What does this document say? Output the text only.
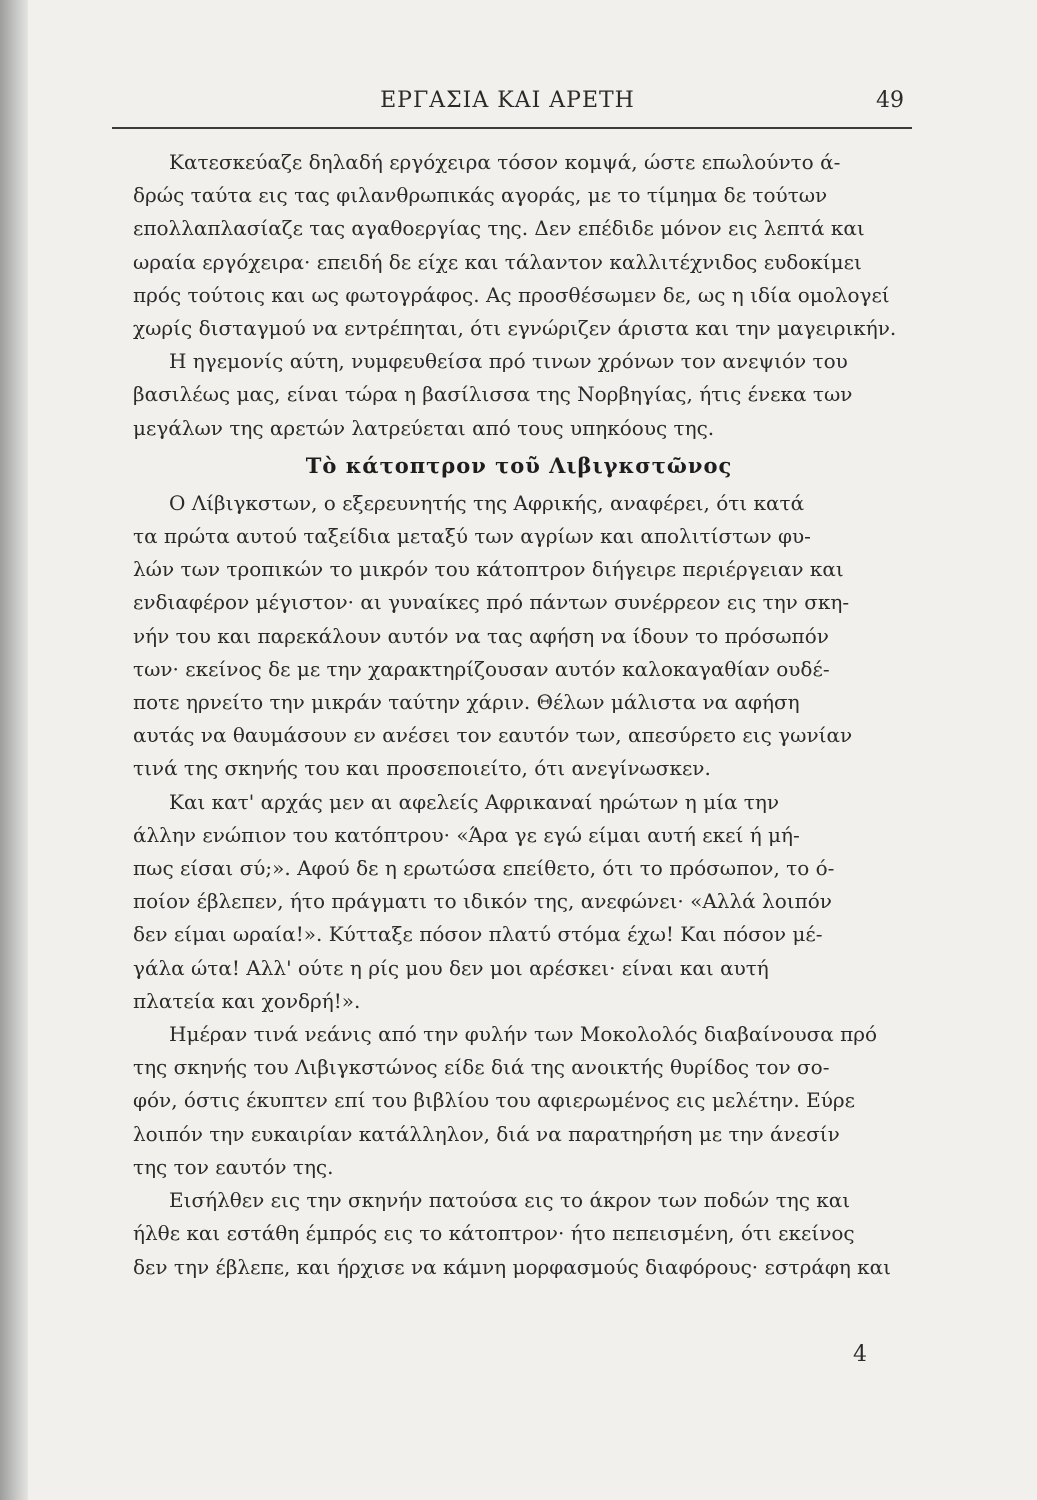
ΕΡΓΑΣΙΑ ΚΑΙ ΑΡΕΤΗ	49
Κατεσκεύαζε δηλαδή εργόχειρα τόσον κομψά, ώστε επωλούντο ά-
δρώς ταύτα εις τας φιλανθρωπικάς αγοράς, με το τίμημα δε τούτων
επολλαπλασίαζε τας αγαθοεργίας της. Δεν επέδιδε μόνον εις λεπτά και
ωραία εργόχειρα· επειδή δε είχε και τάλαντον καλλιτέχνιδος ευδοκίμει
πρός τούτοις και ως φωτογράφος. Ας προσθέσωμεν δε, ως η ιδία ομολογεί
χωρίς δισταγμού να εντρέπηται, ότι εγνώριζεν άριστα και την μαγειρικήν.
Η ηγεμονίς αύτη, νυμφευθείσα πρό τινων χρόνων τον ανεψιόν του
βασιλέως μας, είναι τώρα η βασίλισσα της Νορβηγίας, ήτις ένεκα των
μεγάλων της αρετών λατρεύεται από τους υπηκόους της.
Τὸ κάτοπτρον τοῦ Λιβιγκστῶνος
Ο Λίβιγκστων, ο εξερευνητής της Αφρικής, αναφέρει, ότι κατά
τα πρώτα αυτού ταξείδια μεταξύ των αγρίων και απολιτίστων φυ-
λών των τροπικών το μικρόν του κάτοπτρον διήγειρε περιέργειαν και
ενδιαφέρον μέγιστον· αι γυναίκες πρό πάντων συνέρρεον εις την σκη-
νήν του και παρεκάλουν αυτόν να τας αφήση να ίδουν το πρόσωπόν
των· εκείνος δε με την χαρακτηρίζουσαν αυτόν καλοκαγαθίαν ουδέ-
ποτε ηρνείτο την μικράν ταύτην χάριν. Θέλων μάλιστα να αφήση
αυτάς να θαυμάσουν εν ανέσει τον εαυτόν των, απεσύρετο εις γωνίαν
τινά της σκηνής του και προσεποιείτο, ότι ανεγίνωσκεν.
Και κατ' αρχάς μεν αι αφελείς Αφρικαναί ηρώτων η μία την
άλλην ενώπιον του κατόπτρου· «Άρα γε εγώ είμαι αυτή εκεί ή μή-
πως είσαι σύ;». Αφού δε η ερωτώσα επείθετο, ότι το πρόσωπον, το ό-
ποίον έβλεπεν, ήτο πράγματι το ιδικόν της, ανεφώνει· «Αλλά λοιπόν
δεν είμαι ωραία!». Κύτταξε πόσον πλατύ στόμα έχω! Και πόσον μέ-
γάλα ώτα! Αλλ' ούτε η ρίς μου δεν μοι αρέσκει· είναι και αυτή
πλατεία και χονδρή!».
Ημέραν τινά νεάνις από την φυλήν των Μοκολολός διαβαίνουσα πρό
της σκηνής του Λιβιγκστώνος είδε διά της ανοικτής θυρίδος τον σο-
φόν, όστις έκυπτεν επί του βιβλίου του αφιερωμένος εις μελέτην. Εύρε
λοιπόν την ευκαιρίαν κατάλληλον, διά να παρατηρήση με την άνεσίν
της τον εαυτόν της.
Εισήλθεν εις την σκηνήν πατούσα εις το άκρον των ποδών της και
ήλθε και εστάθη έμπρός εις το κάτοπτρον· ήτο πεπεισμένη, ότι εκείνος
δεν την έβλεπε, και ήρχισε να κάμνη μορφασμούς διαφόρους· εστράφη και
4
